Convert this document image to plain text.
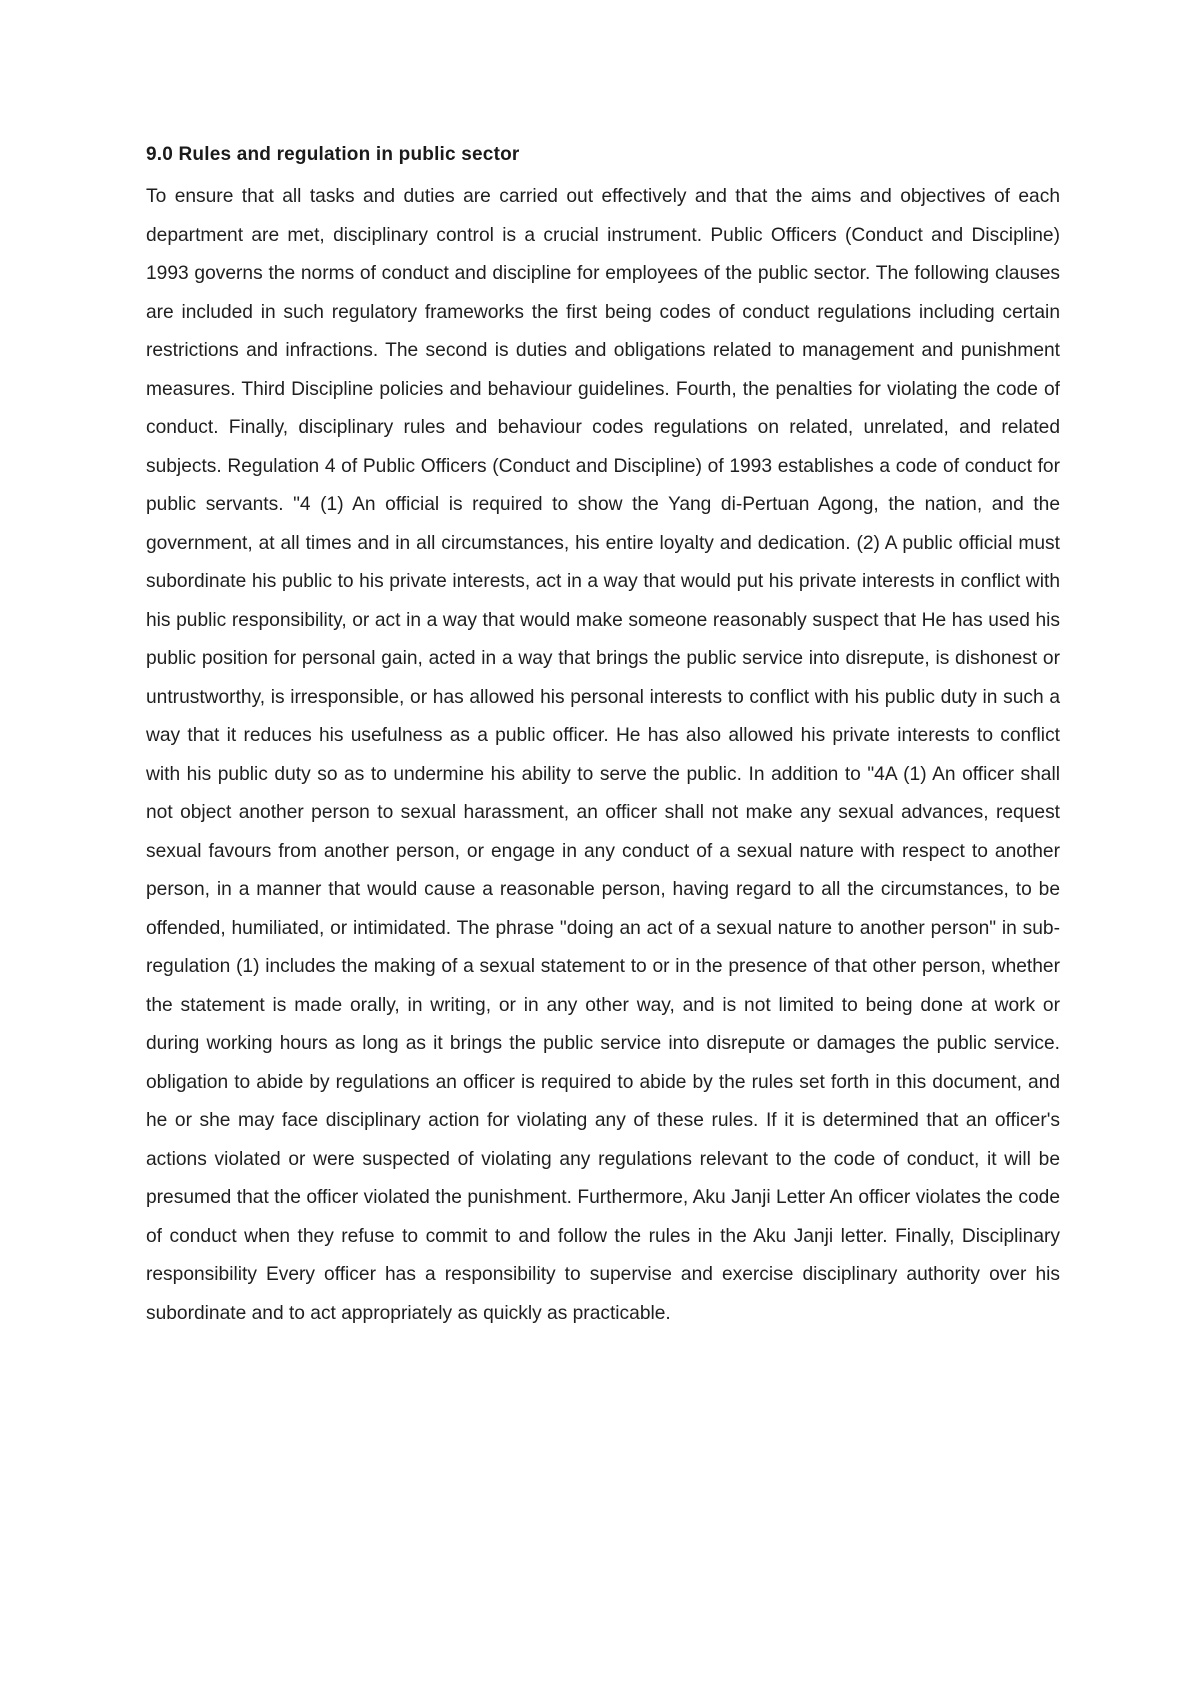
9.0 Rules and regulation in public sector

To ensure that all tasks and duties are carried out effectively and that the aims and objectives of each department are met, disciplinary control is a crucial instrument. Public Officers (Conduct and Discipline) 1993 governs the norms of conduct and discipline for employees of the public sector. The following clauses are included in such regulatory frameworks the first being codes of conduct regulations including certain restrictions and infractions. The second is duties and obligations related to management and punishment measures. Third Discipline policies and behaviour guidelines. Fourth, the penalties for violating the code of conduct. Finally, disciplinary rules and behaviour codes regulations on related, unrelated, and related subjects. Regulation 4 of Public Officers (Conduct and Discipline) of 1993 establishes a code of conduct for public servants. "4 (1) An official is required to show the Yang di-Pertuan Agong, the nation, and the government, at all times and in all circumstances, his entire loyalty and dedication. (2) A public official must subordinate his public to his private interests, act in a way that would put his private interests in conflict with his public responsibility, or act in a way that would make someone reasonably suspect that He has used his public position for personal gain, acted in a way that brings the public service into disrepute, is dishonest or untrustworthy, is irresponsible, or has allowed his personal interests to conflict with his public duty in such a way that it reduces his usefulness as a public officer. He has also allowed his private interests to conflict with his public duty so as to undermine his ability to serve the public. In addition to "4A (1) An officer shall not object another person to sexual harassment, an officer shall not make any sexual advances, request sexual favours from another person, or engage in any conduct of a sexual nature with respect to another person, in a manner that would cause a reasonable person, having regard to all the circumstances, to be offended, humiliated, or intimidated. The phrase "doing an act of a sexual nature to another person" in sub-regulation (1) includes the making of a sexual statement to or in the presence of that other person, whether the statement is made orally, in writing, or in any other way, and is not limited to being done at work or during working hours as long as it brings the public service into disrepute or damages the public service. obligation to abide by regulations an officer is required to abide by the rules set forth in this document, and he or she may face disciplinary action for violating any of these rules. If it is determined that an officer's actions violated or were suspected of violating any regulations relevant to the code of conduct, it will be presumed that the officer violated the punishment. Furthermore, Aku Janji Letter An officer violates the code of conduct when they refuse to commit to and follow the rules in the Aku Janji letter. Finally, Disciplinary responsibility Every officer has a responsibility to supervise and exercise disciplinary authority over his subordinate and to act appropriately as quickly as practicable.
